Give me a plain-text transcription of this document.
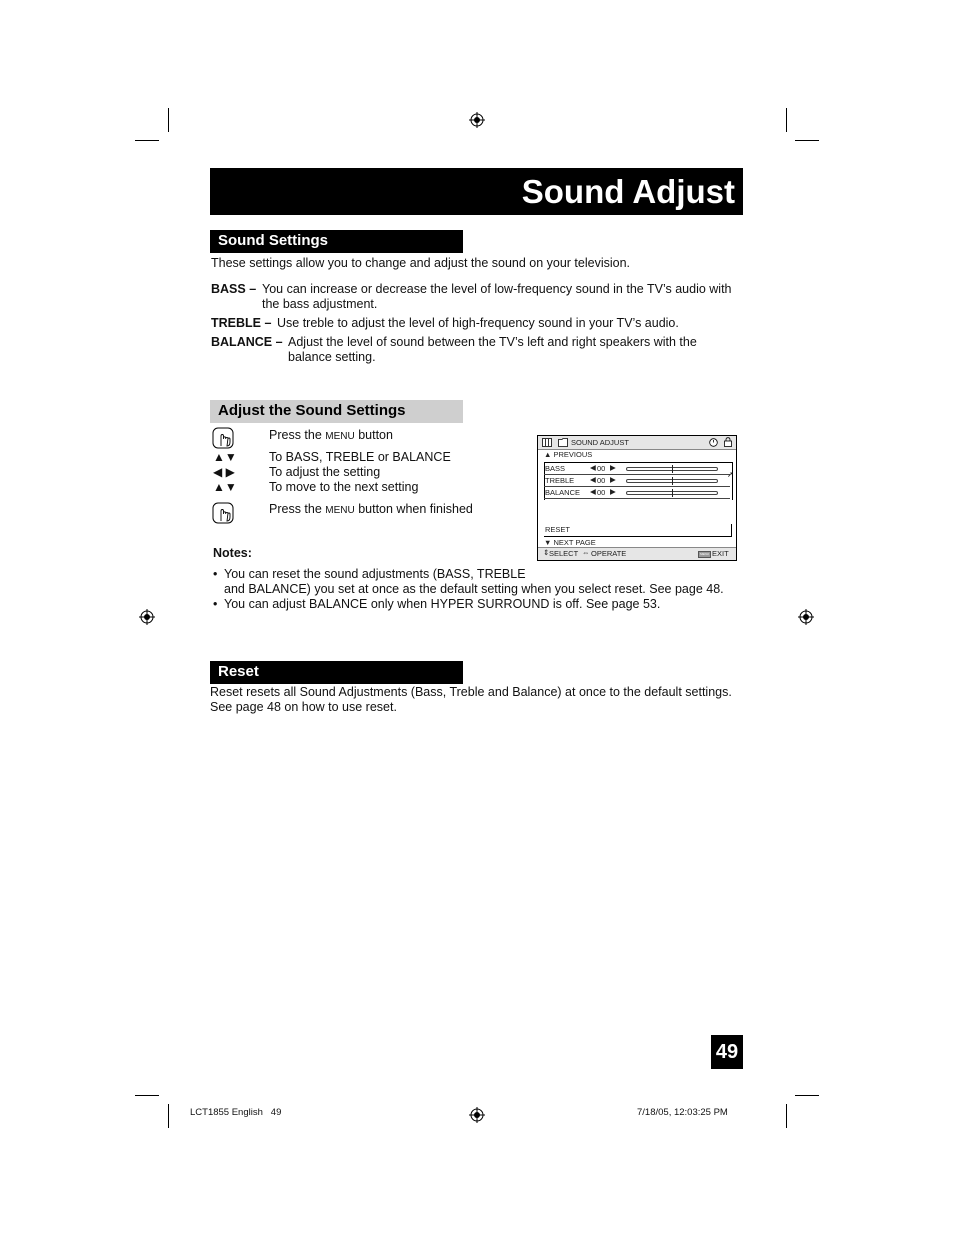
Sound Adjust
Sound Settings
These settings allow you to change and adjust the sound on your television.
BASS – You can increase or decrease the level of low-frequency sound in the TV’s audio with
the bass adjustment.
TREBLE – Use treble to adjust the level of high-frequency sound in your TV’s audio.
BALANCE – Adjust the level of sound between the TV’s left and right speakers with the
balance setting.
Adjust the Sound Settings
Press the MENU button
▲▼	To BASS, TREBLE or BALANCE
◀ ▶	To adjust the setting
▲▼	To move to the next setting
Press the MENU button when finished
SOUND ADJUST
▲ PREVIOUS
BASS	◀ 00 ▶
TREBLE ◀ 00 ▶
BALANCE ◀ 00 ▶
➚
RESET
▼ NEXT PAGE
⇕ SELECT ⇔ OPERATE	MENU EXIT
Notes:
• You can reset the sound adjustments (BASS, TREBLE
and BALANCE) you set at once as the default setting when you select reset. See page 48.
• You can adjust BALANCE only when HYPER SURROUND is off. See page 53.
Reset
Reset resets all Sound Adjustments (Bass, Treble and Balance) at once to the default settings.
See page 48 on how to use reset.
49
LCT1855 English   49	7/18/05, 12:03:25 PM
